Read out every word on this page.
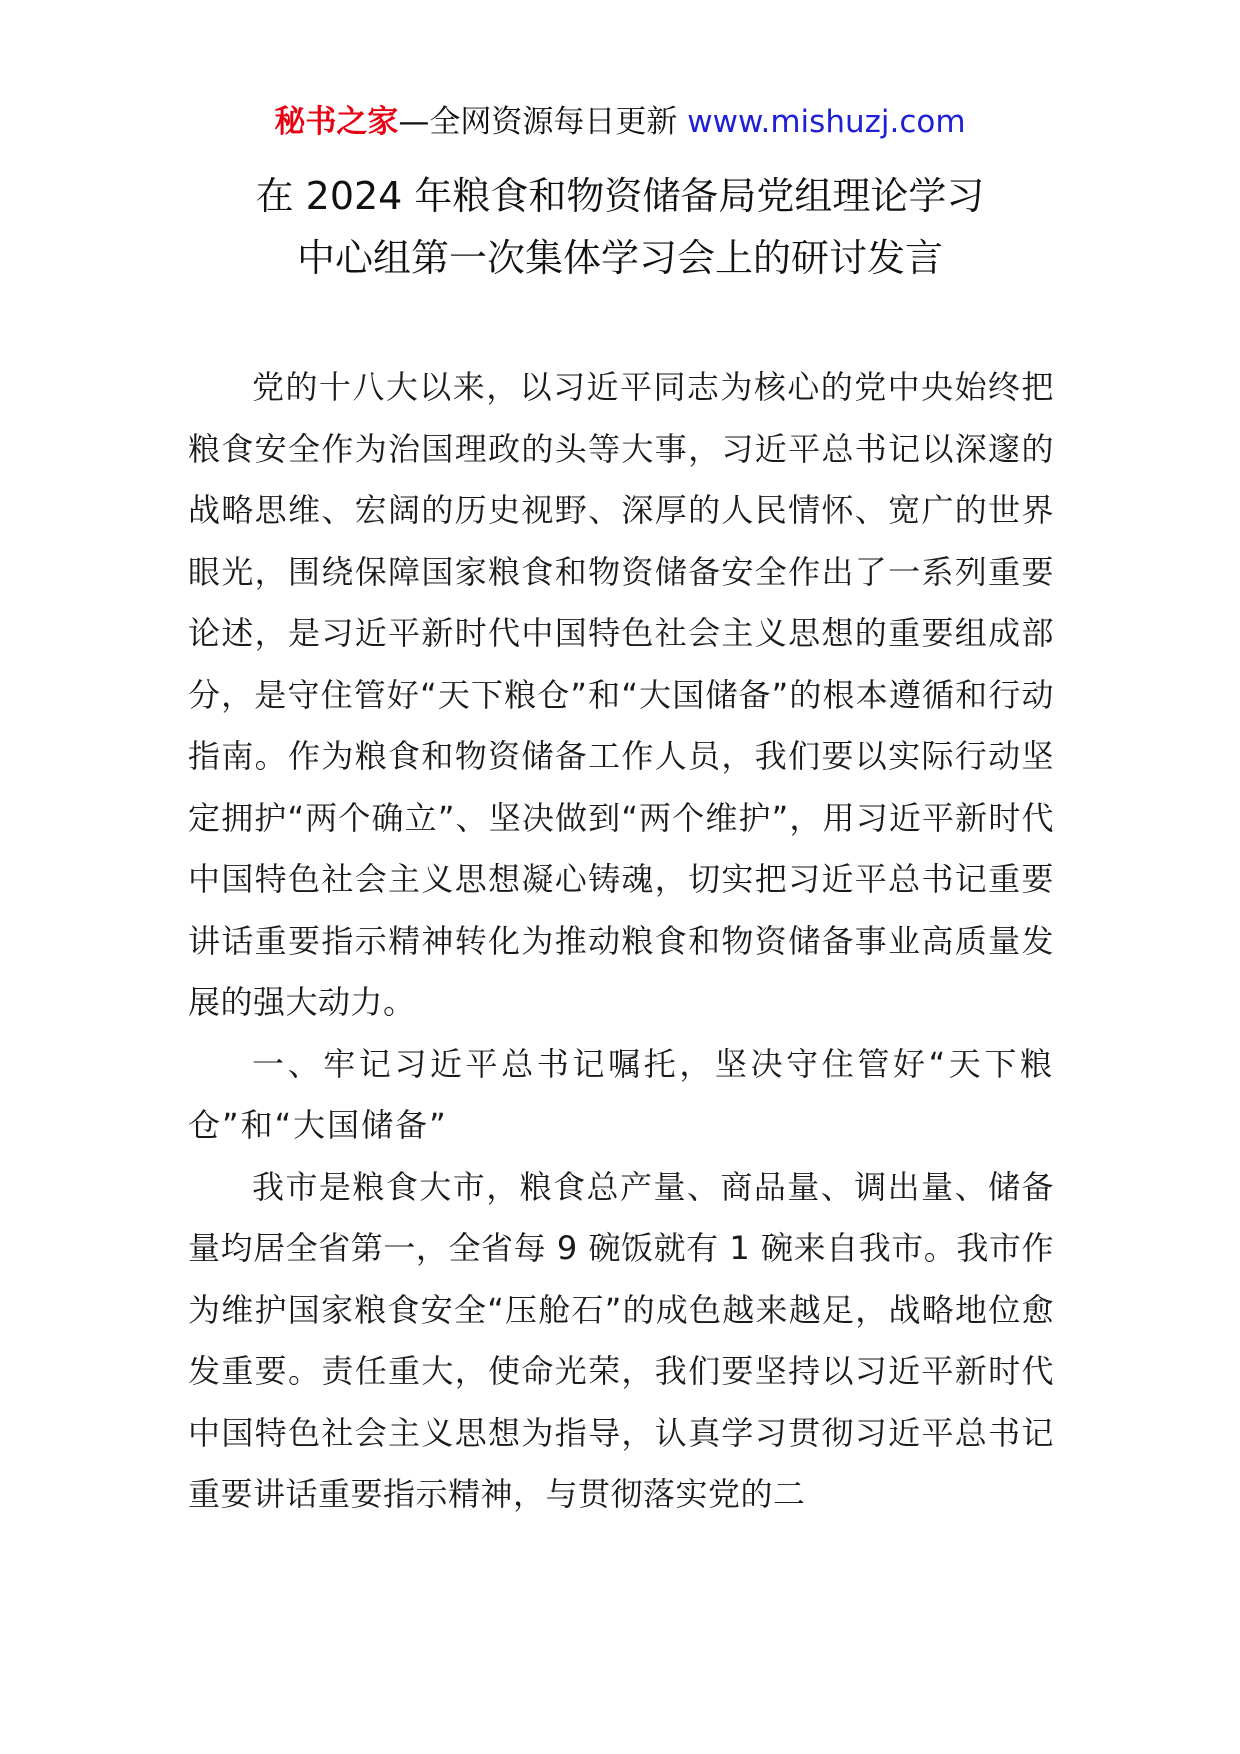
秘书之家—全网资源每日更新 www.mishuzj.com
在 2024 年粮食和物资储备局党组理论学习
中心组第一次集体学习会上的研讨发言

党的十八大以来，以习近平同志为核心的党中央始终把粮食安全作为治国理政的头等大事，习近平总书记以深邃的战略思维、宏阔的历史视野、深厚的人民情怀、宽广的世界眼光，围绕保障国家粮食和物资储备安全作出了一系列重要论述，是习近平新时代中国特色社会主义思想的重要组成部分，是守住管好“天下粮仓”和“大国储备”的根本遵循和行动指南。作为粮食和物资储备工作人员，我们要以实际行动坚定拥护“两个确立”、坚决做到“两个维护”，用习近平新时代中国特色社会主义思想凝心铸魂，切实把习近平总书记重要讲话重要指示精神转化为推动粮食和物资储备事业高质量发展的强大动力。

一、牢记习近平总书记嘱托，坚决守住管好“天下粮仓”和“大国储备”

我市是粮食大市，粮食总产量、商品量、调出量、储备量均居全省第一，全省每 9 碗饭就有 1 碗来自我市。我市作为维护国家粮食安全“压舱石”的成色越来越足，战略地位愈发重要。责任重大，使命光荣，我们要坚持以习近平新时代中国特色社会主义思想为指导，认真学习贯彻习近平总书记重要讲话重要指示精神，与贯彻落实党的二
